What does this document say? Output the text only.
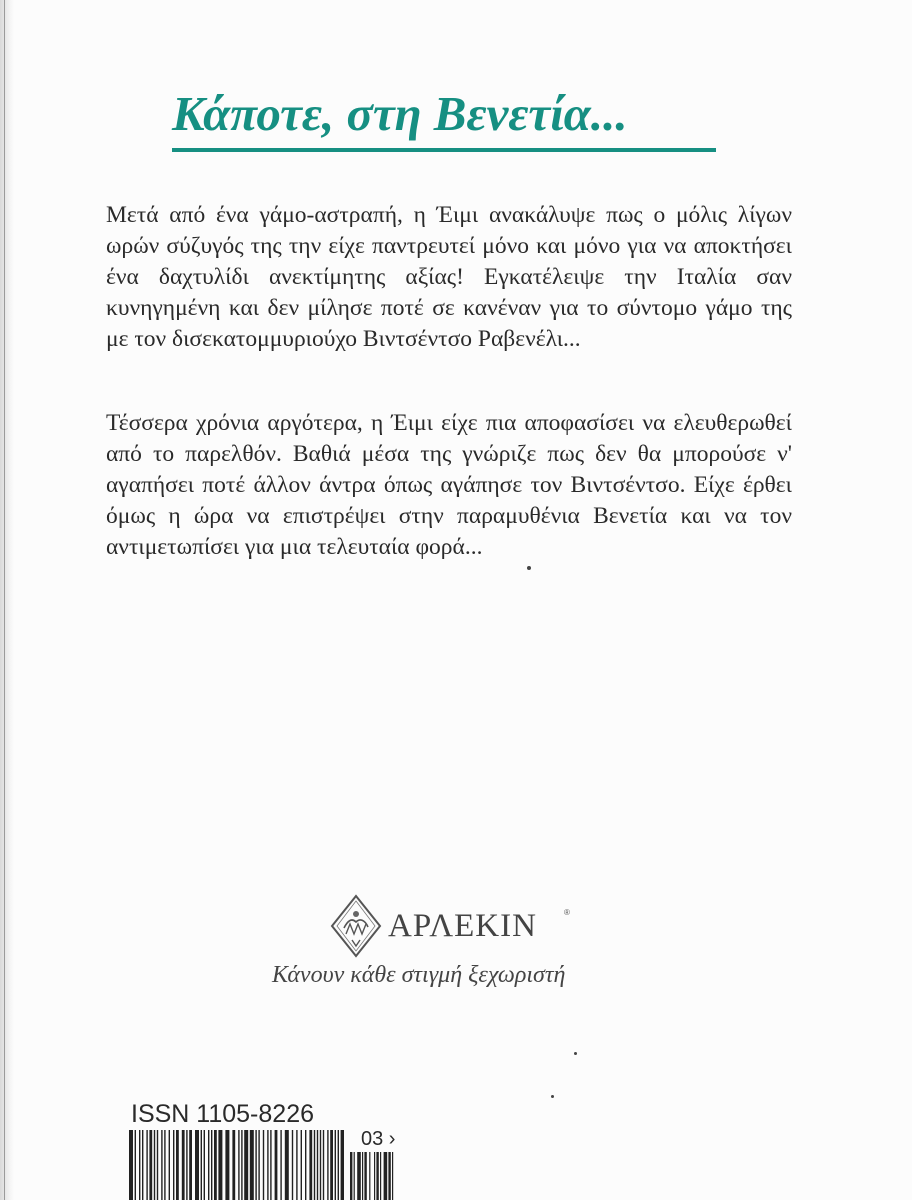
Κάποτε, στη Βενετία...

Μετά από ένα γάμο-αστραπή, η Έιμι ανακάλυψε πως ο μόλις λίγων ωρών σύζυγός της την είχε παντρευτεί μόνο και μόνο για να αποκτήσει ένα δαχτυλίδι ανεκτίμητης αξίας! Εγκατέλειψε την Ιταλία σαν κυνηγημένη και δεν μίλησε ποτέ σε κανέναν για το σύντομο γάμο της με τον δισεκατομμυριούχο Βιντσέντσο Ραβενέλι...

Τέσσερα χρόνια αργότερα, η Έιμι είχε πια αποφασίσει να ελευθερωθεί από το παρελθόν. Βαθιά μέσα της γνώριζε πως δεν θα μπορούσε ν' αγαπήσει ποτέ άλλον άντρα όπως αγάπησε τον Βιντσέντσο. Είχε έρθει όμως η ώρα να επιστρέψει στην παραμυθένια Βενετία και να τον αντιμετωπίσει για μια τελευταία φορά...

ΑΡΛΕΚΙΝ	®

Κάνουν κάθε στιγμή ξεχωριστή

ISSN 1105-8226
03 ›
